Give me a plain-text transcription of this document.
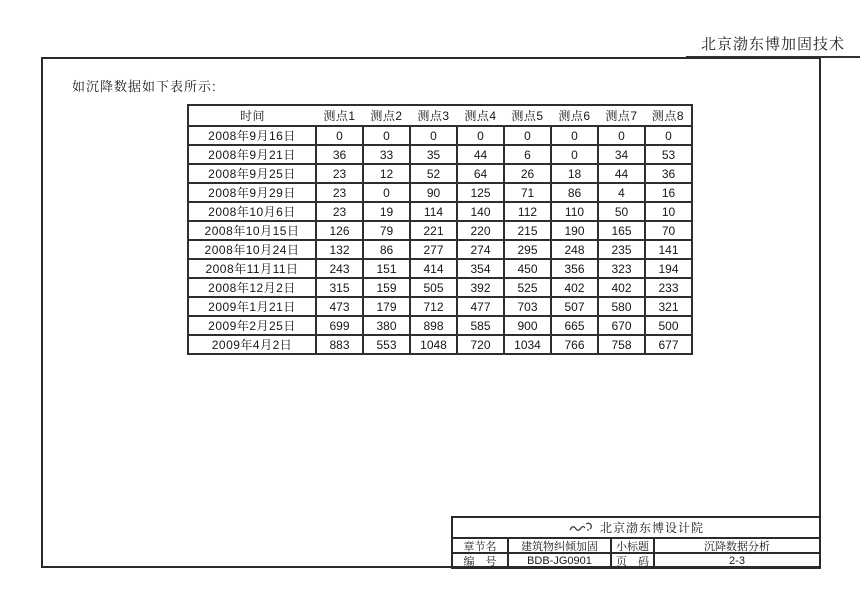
北京渤东博加固技术
如沉降数据如下表所示:
时间	测点1	测点2	测点3	测点4	测点5	测点6	测点7	测点8
2008年9月16日	0	0	0	0	0	0	0	0
2008年9月21日	36	33	35	44	6	0	34	53
2008年9月25日	23	12	52	64	26	18	44	36
2008年9月29日	23	0	90	125	71	86	4	16
2008年10月6日	23	19	114	140	112	110	50	10
2008年10月15日	126	79	221	220	215	190	165	70
2008年10月24日	132	86	277	274	295	248	235	141
2008年11月11日	243	151	414	354	450	356	323	194
2008年12月2日	315	159	505	392	525	402	402	233
2009年1月21日	473	179	712	477	703	507	580	321
2009年2月25日	699	380	898	585	900	665	670	500
2009年4月2日	883	553	1048	720	1034	766	758	677
北京渤东博设计院
章节名	建筑物纠倾加固	小标题	沉降数据分析
编　号	BDB-JG0901	页　码	2-3
